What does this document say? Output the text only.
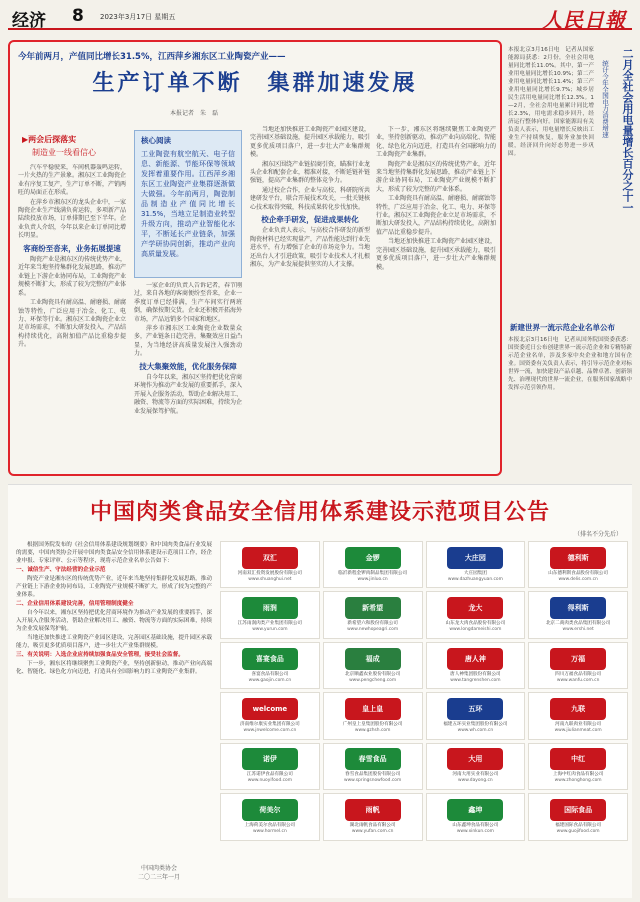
经济 8 2023年3月17日 星期五	人民日報
今年前两月，产值同比增长31.5%，江西萍乡湘东区工业陶瓷产业——
生产订单不断　集群加速发展
本报记者　朱　磊
▶两会后探落实
制造业一线看信心

汽车平稳驶来，车间机器轰鸣运转，一片火热的生产景象。湘东区工业陶瓷企业有序复工复产，生产订单不断，产销两旺的局面正在形成。

在萍乡市湘东区的龙头企业中，一家陶瓷企业生产线满负荷运转，多项新产品陆续投放市场，订单排期已至下半年。企业负责人介绍，今年以来企业订单同比增长明显。

客商纷至沓来，业务拓展提速

陶瓷产业是湘东区的传统优势产业，近年来当地坚持集群化发展思路，推动产业链上下游企业协同布局，工业陶瓷产业规模不断扩大，形成了较为完整的产业体系。

工业陶瓷具有耐高温、耐磨损、耐腐蚀等特性，广泛应用于冶金、化工、电力、环保等行业。湘东区工业陶瓷企业立足市场需求，不断加大研发投入，产品结构持续优化，高附加值产品比重稳步提升。

核心阅读
工业陶瓷有航空航天、电子信息、新能源、节能环保等领域发挥着重要作用。江西萍乡湘东区工业陶瓷产业集群逐渐做大做强。今年前两月，陶瓷制品制造业产值同比增长31.5%，当地立足制造业转型升级方向，推动产业智能化水平，不断延长产业链条，加强产学研协同创新，推动产业向高质量发展。

一家企业的负责人告诉记者，春节刚过，来自各地的客商便纷至沓来，企业一季度订单已经排满，生产车间实行两班倒，确保按期交货。企业还积极开拓海外市场，产品远销多个国家和地区。

萍乡市湘东区工业陶瓷企业数量众多，产业链条日趋完善，集聚效应日益凸显，为当地经济高质量发展注入强劲动力。

技大集聚效能，优化服务保障

自今年以来，湘东区坚持把优化营商环境作为推动产业发展的重要抓手，深入开展入企服务活动，帮助企业解决用工、融资、物流等方面的实际困难，持续为企业发展保驾护航。

当地还加快推进工业陶瓷产业园区建设，完善园区基础设施，提升园区承载能力，吸引更多优质项目落户，进一步壮大产业集群规模。

湘东区围绕产业链招商引资，瞄准行业龙头企业和配套企业，精准对接，不断延链补链强链，提高产业集群的整体竞争力。

通过校企合作，企业与高校、科研院所共建研发平台，联合开展技术攻关，一批关键核心技术取得突破，科技成果转化步伐加快。

校企牵手研发，促进成果转化

企业负责人表示，与高校合作研发的新型陶瓷材料已经实现量产，产品性能达到行业先进水平，有力增强了企业的市场竞争力。当地还出台人才引进政策，吸引专业技术人才扎根湘东，为产业发展提供坚实的人才支撑。

下一步，湘东区将继续聚焦工业陶瓷产业，坚持创新驱动，推动产业向高端化、智能化、绿色化方向迈进，打造具有全国影响力的工业陶瓷产业集群。

陶瓷产业是湘东区的传统优势产业，近年来当地坚持集群化发展思路，推动产业链上下游企业协同布局，工业陶瓷产业规模不断扩大，形成了较为完整的产业体系。

工业陶瓷具有耐高温、耐磨损、耐腐蚀等特性，广泛应用于冶金、化工、电力、环保等行业。湘东区工业陶瓷企业立足市场需求，不断加大研发投入，产品结构持续优化，高附加值产品比重稳步提升。

当地还加快推进工业陶瓷产业园区建设，完善园区基础设施，提升园区承载能力，吸引更多优质项目落户，进一步壮大产业集群规模。

二月全社会用电量增长百分之十一
统计今年全国电力消费增速
本报北京3月16日电　记者从国家能源局获悉：2月份，全社会用电量同比增长11.0%。其中，第一产业用电量同比增长10.9%；第二产业用电量同比增长11.4%；第三产业用电量同比增长9.7%；城乡居民生活用电量同比增长12.3%。1—2月，全社会用电量累计同比增长2.3%，用电需求稳步回升，经济运行整体向好。国家能源局有关负责人表示，用电量增长反映出工业生产持续恢复，服务业加快回暖，经济回升向好态势进一步巩固。
新建世界一流示范企业名单公布
本报北京3月16日电　记者从国务院国资委获悉：国资委近日公布创建世界一流示范企业和专精特新示范企业名单，涉及多家中央企业和地方国有企业。国资委有关负责人表示，将引导示范企业对标世界一流，加快建设产品卓越、品牌卓著、创新领先、治理现代的世界一流企业，在服务国家战略中发挥示范引领作用。
中国肉类食品安全信用体系建设示范项目公告
（排名不分先后）

根据国务院发布的《社会信用体系建设规划纲要》和中国肉类食品行业发展的需要，中国肉类协会开展中国肉类食品安全信用体系建设示范项目工作，经企业申报、专家评审、公示等程序，现将示范企业名单公告如下：

一、诚信生产、守法经营的企业示范

陶瓷产业是湘东区的传统优势产业，近年来当地坚持集群化发展思路，推动产业链上下游企业协同布局，工业陶瓷产业规模不断扩大，形成了较为完整的产业体系。

二、企业信用体系建设完善，信用管理制度健全

自今年以来，湘东区坚持把优化营商环境作为推动产业发展的重要抓手，深入开展入企服务活动，帮助企业解决用工、融资、物流等方面的实际困难，持续为企业发展保驾护航。

当地还加快推进工业陶瓷产业园区建设，完善园区基础设施，提升园区承载能力，吸引更多优质项目落户，进一步壮大产业集群规模。

三、有关说明：入选企业应持续加强食品安全管理，接受社会监督。

下一步，湘东区将继续聚焦工业陶瓷产业，坚持创新驱动，推动产业向高端化、智能化、绿色化方向迈进，打造具有全国影响力的工业陶瓷产业集群。

中国肉类协会
二〇二三年一月
双汇
河南双汇投资发展股份有限公司
www.shuanghui.net
金锣
临沂新程金锣肉制品集团有限公司
www.jinluo.cn
大庄园
大庄园集团
www.dazhuangyuan.com
德利斯
山东德利斯食品股份有限公司
www.delis.com.cn
雨润
江苏雨润肉类产业集团有限公司
www.yurun.com
新希望
新希望六和股份有限公司
www.newhopeagri.com
龙大
山东龙大肉食品股份有限公司
www.longdameishi.com
得利斯
北京二商肉类食品集团有限公司
www.ershi.net
喜宴食品
喜宴食品有限公司
www.gaojin.com.cn
福成
北京顺鑫农业股份有限公司
www.pengcheng.com
唐人神
唐人神集团股份有限公司
www.tangrenshen.com
万福
四川万福食品有限公司
www.wanfu.com.cn
welcome
济南维尔康实业集团有限公司
www.jnwelcome.com.cn
皇上皇
广州皇上皇集团股份有限公司
www.gzhsh.com
五环
福建五环实业集团股份有限公司
www.wh.com.cn
九联
河南九联肉业有限公司
www.jiulianmeat.com
诺伊
江苏诺伊食品有限公司
www.nuoyifood.com
春雪食品
春雪食品集团股份有限公司
www.springsnowfood.com
大用
河南大用实业有限公司
www.dayong.cn
中红
上海中红肉食品有限公司
www.zhonghong.com
荷美尔
上海荷美尔食品有限公司
www.hormel.cn
雨帆
湖北雨帆食品有限公司
www.yufan.com.cn
鑫坤
山东鑫坤食品有限公司
www.xinkun.com
国际食品
福建国际食品有限公司
www.guojifood.com
